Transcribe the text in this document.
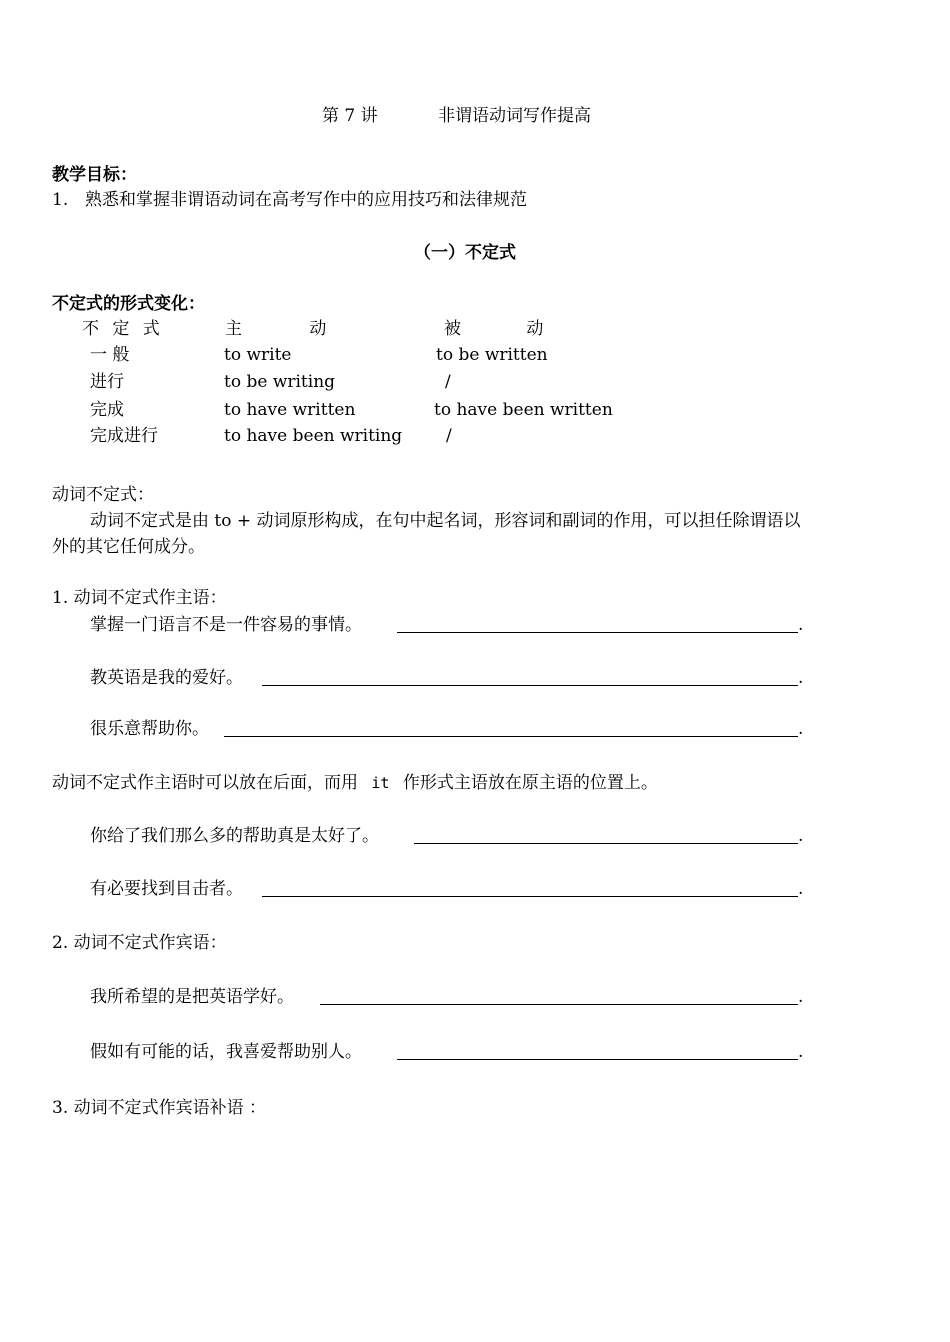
第 7 讲	非谓语动词写作提高
教学目标：
1. 熟悉和掌握非谓语动词在高考写作中的应用技巧和法律规范
（一）不定式
不定式的形式变化：
不 定 式	主 动	被 动
一 般	to write	to be written
进行	to be writing	/
完成	to have written	to have been written
完成进行	to have been writing	/
动词不定式：
动词不定式是由 to + 动词原形构成，在句中起名词，形容词和副词的作用，可以担任除谓语以
外的其它任何成分。
1. 动词不定式作主语：
掌握一门语言不是一件容易的事情。	.
教英语是我的爱好。	.
很乐意帮助你。	.
动词不定式作主语时可以放在后面，而用 it 作形式主语放在原主语的位置上。
你给了我们那么多的帮助真是太好了。	.
有必要找到目击者。	.
2. 动词不定式作宾语：
我所希望的是把英语学好。	.
假如有可能的话，我喜爱帮助别人。	.
3. 动词不定式作宾语补语 ：
